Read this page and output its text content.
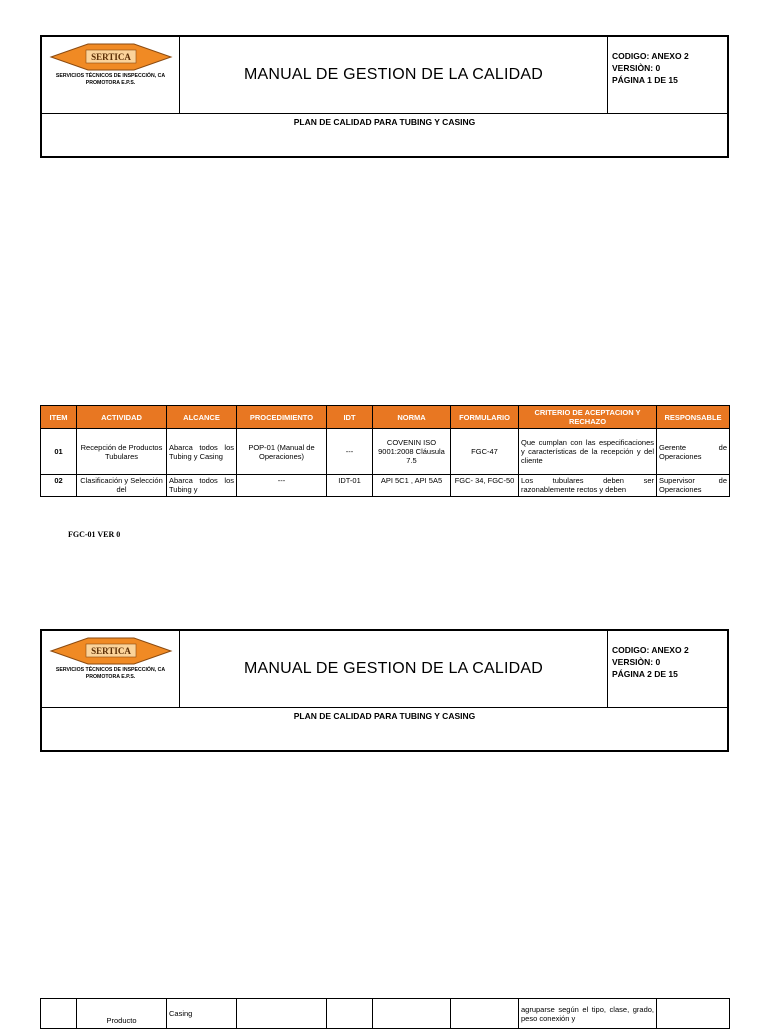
SERTICA
SERVICIOS TÉCNICOS DE INSPECCIÓN, CA
PROMOTORA E.P.S.	MANUAL DE GESTION DE LA CALIDAD
CODIGO: ANEXO 2
VERSIÒN: 0
PÁGINA 1 DE 15
PLAN DE CALIDAD PARA TUBING Y CASING
ITEM	ACTIVIDAD	ALCANCE	PROCEDIMIENTO	IDT	NORMA	FORMULARIO	CRITERIO DE ACEPTACION Y RECHAZO	RESPONSABLE
01	Recepción de Productos Tubulares	Abarca todos los Tubing y Casing	POP-01 (Manual de Operaciones)	---	COVENIN ISO 9001:2008 Cláusula 7.5	FGC-47	Que cumplan con las especificaciones y características de la recepción y del cliente	Gerente de Operaciones
02	Clasificación y Selección del	Abarca todos los Tubing y	---	IDT-01	API 5C1 , API 5A5	FGC- 34, FGC-50	Los tubulares deben ser razonablemente rectos y deben	Supervisor de Operaciones
FGC-01 VER 0
SERTICA
SERVICIOS TÉCNICOS DE INSPECCIÓN, CA
PROMOTORA E.P.S.	MANUAL DE GESTION DE LA CALIDAD
CODIGO: ANEXO 2
VERSIÒN: 0
PÁGINA 2 DE 15
PLAN DE CALIDAD PARA TUBING Y CASING
	Producto	Casing					agruparse según el tipo, clase, grado, peso conexión y	
